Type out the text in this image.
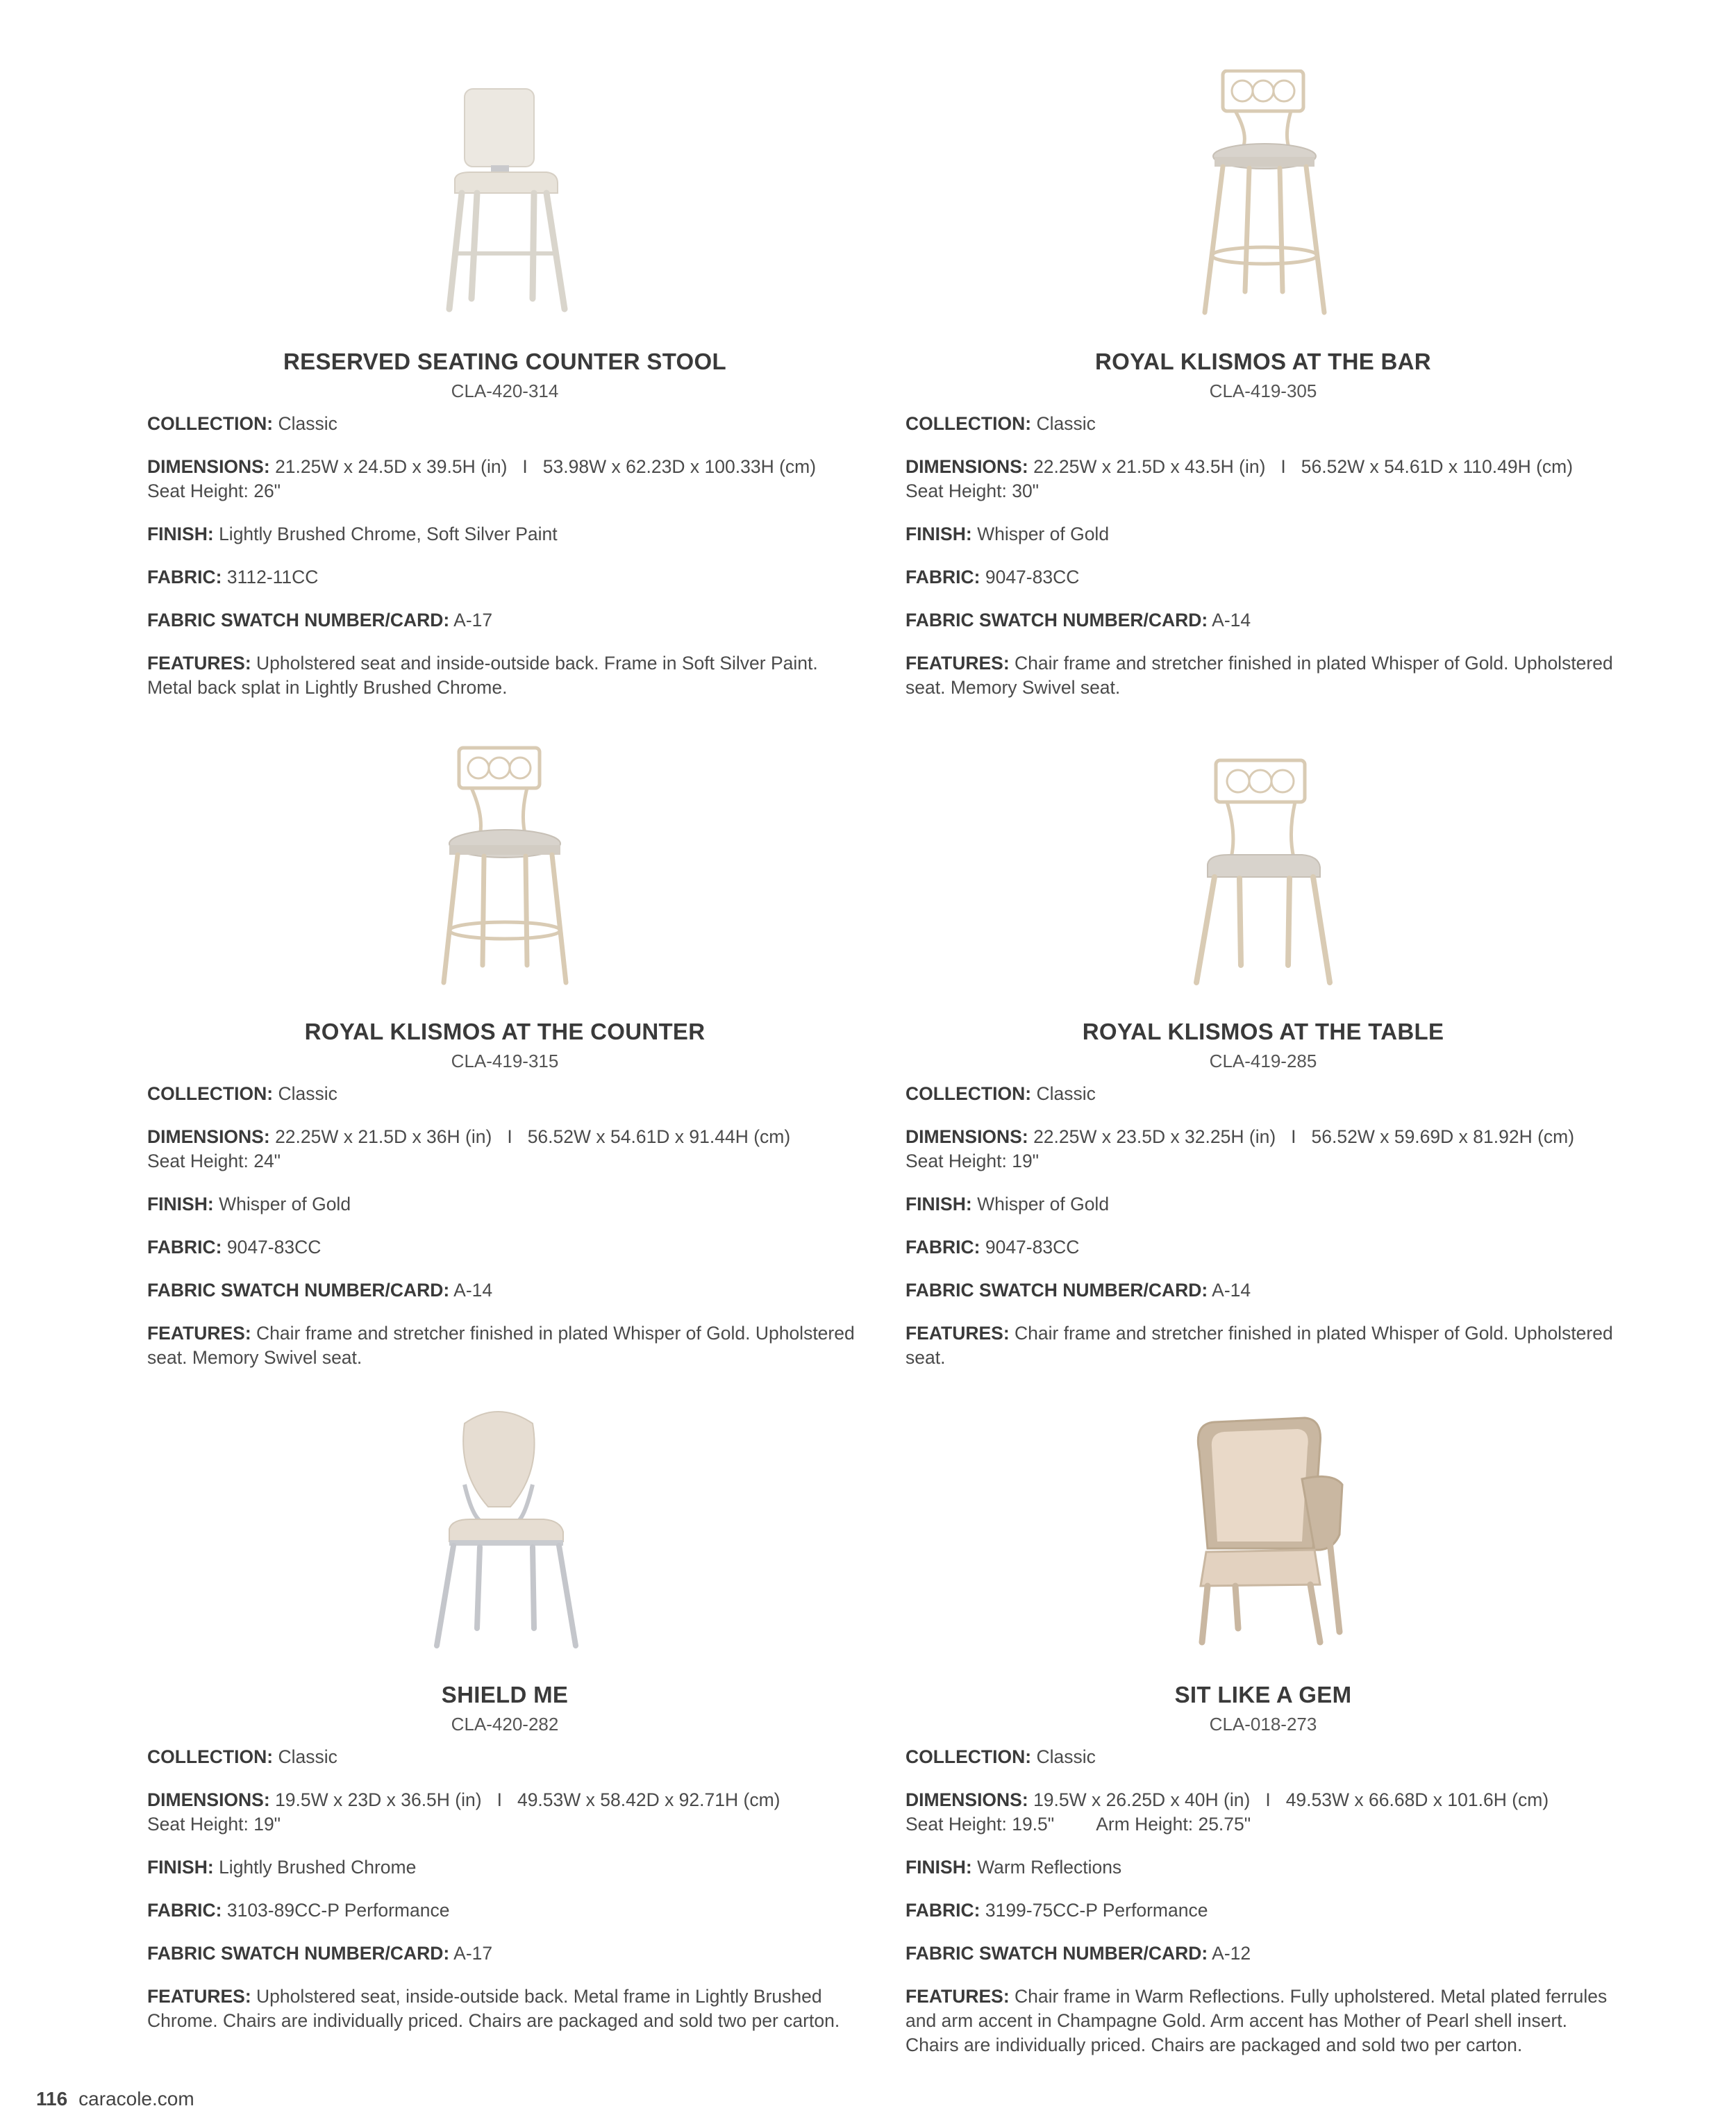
RESERVED SEATING COUNTER STOOL
CLA-420-314
COLLECTION: Classic
DIMENSIONS: 21.25W x 24.5D x 39.5H (in) I 53.98W x 62.23D x 100.33H (cm)
Seat Height: 26"
FINISH: Lightly Brushed Chrome, Soft Silver Paint
FABRIC: 3112-11CC
FABRIC SWATCH NUMBER/CARD: A-17
FEATURES: Upholstered seat and inside-outside back. Frame in Soft Silver Paint. Metal back splat in Lightly Brushed Chrome.
ROYAL KLISMOS AT THE BAR
CLA-419-305
COLLECTION: Classic
DIMENSIONS: 22.25W x 21.5D x 43.5H (in) I 56.52W x 54.61D x 110.49H (cm)
Seat Height: 30"
FINISH: Whisper of Gold
FABRIC: 9047-83CC
FABRIC SWATCH NUMBER/CARD: A-14
FEATURES: Chair frame and stretcher finished in plated Whisper of Gold. Upholstered seat. Memory Swivel seat.
ROYAL KLISMOS AT THE COUNTER
CLA-419-315
COLLECTION: Classic
DIMENSIONS: 22.25W x 21.5D x 36H (in) I 56.52W x 54.61D x 91.44H (cm)
Seat Height: 24"
FINISH: Whisper of Gold
FABRIC: 9047-83CC
FABRIC SWATCH NUMBER/CARD: A-14
FEATURES: Chair frame and stretcher finished in plated Whisper of Gold. Upholstered seat. Memory Swivel seat.
ROYAL KLISMOS AT THE TABLE
CLA-419-285
COLLECTION: Classic
DIMENSIONS: 22.25W x 23.5D x 32.25H (in) I 56.52W x 59.69D x 81.92H (cm)
Seat Height: 19"
FINISH: Whisper of Gold
FABRIC: 9047-83CC
FABRIC SWATCH NUMBER/CARD: A-14
FEATURES: Chair frame and stretcher finished in plated Whisper of Gold. Upholstered seat.
SHIELD ME
CLA-420-282
COLLECTION: Classic
DIMENSIONS: 19.5W x 23D x 36.5H (in) I 49.53W x 58.42D x 92.71H (cm)
Seat Height: 19"
FINISH: Lightly Brushed Chrome
FABRIC: 3103-89CC-P Performance
FABRIC SWATCH NUMBER/CARD: A-17
FEATURES: Upholstered seat, inside-outside back. Metal frame in Lightly Brushed Chrome. Chairs are individually priced. Chairs are packaged and sold two per carton.
SIT LIKE A GEM
CLA-018-273
COLLECTION: Classic
DIMENSIONS: 19.5W x 26.25D x 40H (in) I 49.53W x 66.68D x 101.6H (cm)
Seat Height: 19.5" Arm Height: 25.75"
FINISH: Warm Reflections
FABRIC: 3199-75CC-P Performance
FABRIC SWATCH NUMBER/CARD: A-12
FEATURES: Chair frame in Warm Reflections. Fully upholstered. Metal plated ferrules and arm accent in Champagne Gold. Arm accent has Mother of Pearl shell insert. Chairs are individually priced. Chairs are packaged and sold two per carton.
116 caracole.com
